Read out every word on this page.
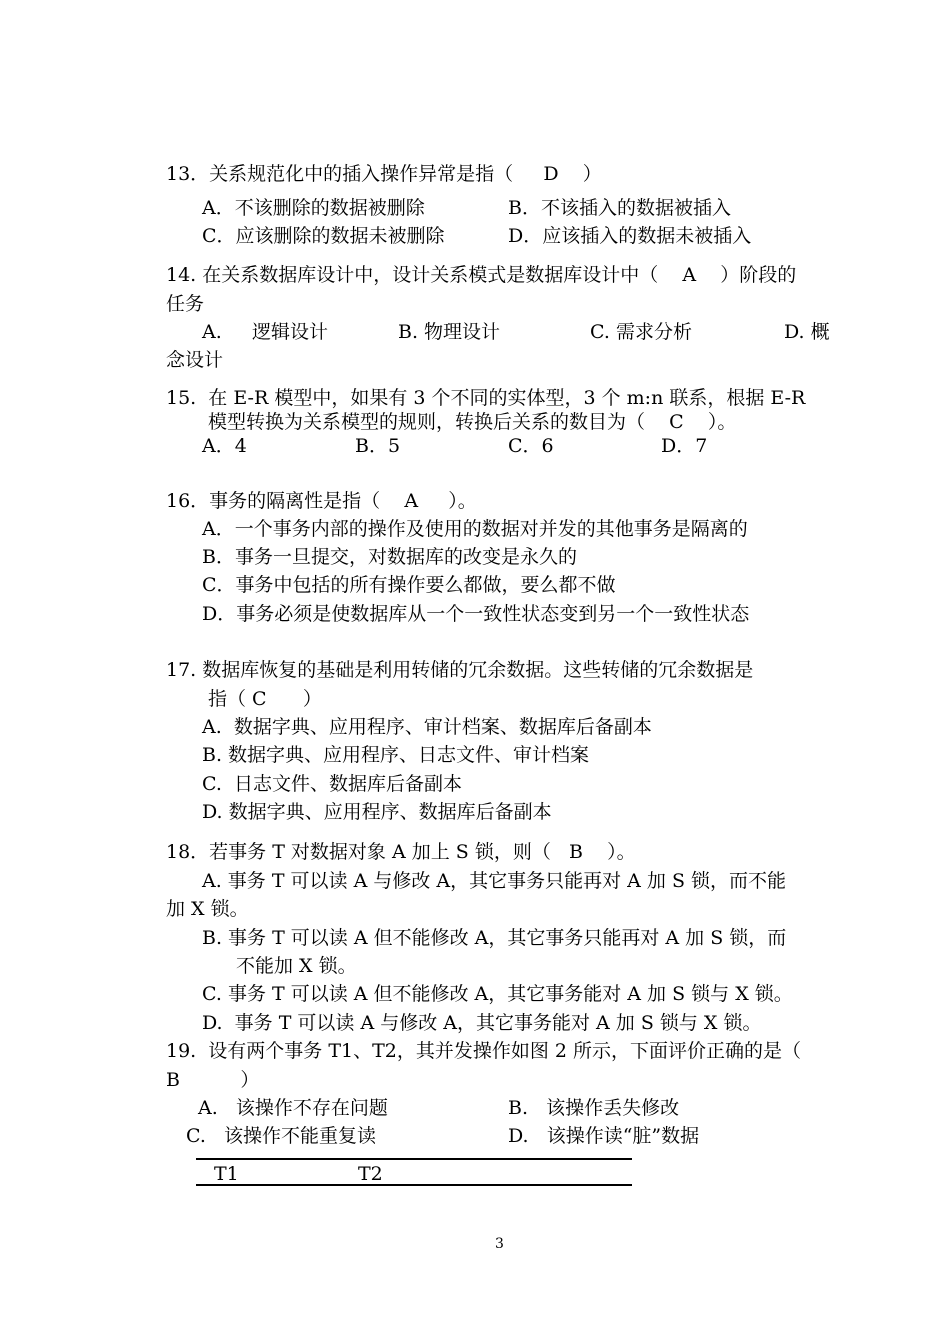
13．关系规范化中的插入操作异常是指（     D    ）
A．不该删除的数据被删除	B．不该插入的数据被插入
C．应该删除的数据未被删除	D．应该插入的数据未被插入
14. 在关系数据库设计中，设计关系模式是数据库设计中（    A    ）阶段的
任务
A.     逻辑设计	B. 物理设计	C. 需求分析	D. 概
念设计
15.  在 E-R 模型中，如果有 3 个不同的实体型，3 个 m:n 联系，根据 E-R
模型转换为关系模型的规则，转换后关系的数目为（    C    ）。
A．4	B．5	C．6	D．7
16．事务的隔离性是指（    A     ）。
A．一个事务内部的操作及使用的数据对并发的其他事务是隔离的
B．事务一旦提交，对数据库的改变是永久的
C．事务中包括的所有操作要么都做，要么都不做
D．事务必须是使数据库从一个一致性状态变到另一个一致性状态
17. 数据库恢复的基础是利用转储的冗余数据。这些转储的冗余数据是
指（ C      ）
A.  数据字典、应用程序、审计档案、数据库后备副本
B. 数据字典、应用程序、日志文件、审计档案
C.  日志文件、数据库后备副本
D. 数据字典、应用程序、数据库后备副本
18．若事务 T 对数据对象 A 加上 S 锁，则（   B    ）。
A. 事务 T 可以读 A 与修改 A，其它事务只能再对 A 加 S 锁，而不能
加 X 锁。
B. 事务 T 可以读 A 但不能修改 A，其它事务只能再对 A 加 S 锁，而
不能加 X 锁。
C. 事务 T 可以读 A 但不能修改 A，其它事务能对 A 加 S 锁与 X 锁。
D.  事务 T 可以读 A 与修改 A，其它事务能对 A 加 S 锁与 X 锁。
19.  设有两个事务 T1、T2，其并发操作如图 2 所示，下面评价正确的是（
B          ）
A.   该操作不存在问题	B.   该操作丢失修改
C.   该操作不能重复读	D.   该操作读“脏”数据
T1	T2
3
